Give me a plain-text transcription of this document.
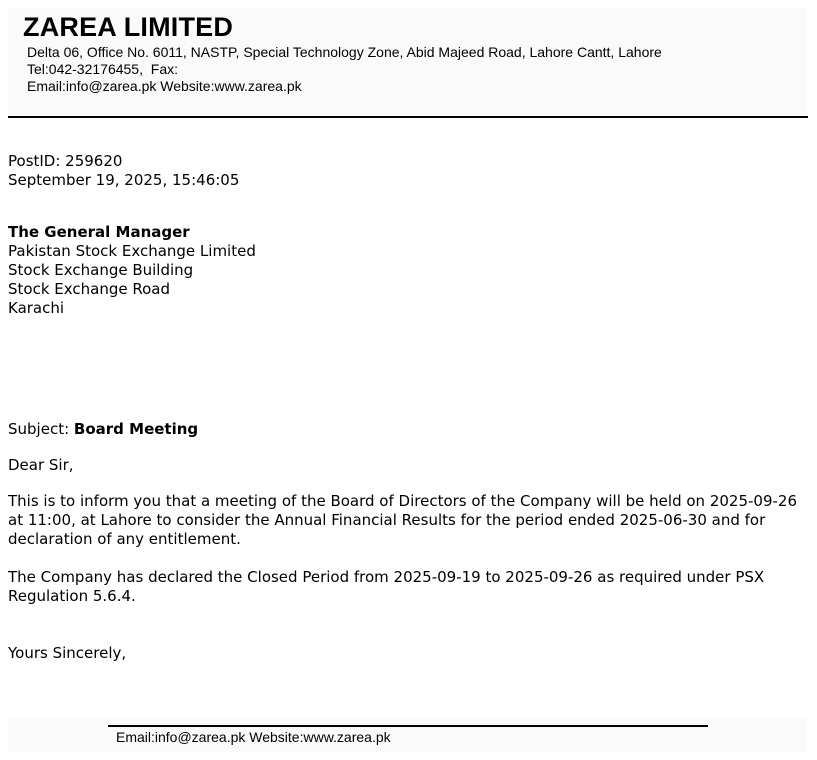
ZAREA LIMITED
Delta 06, Office No. 6011, NASTP, Special Technology Zone, Abid Majeed Road, Lahore Cantt, Lahore
Tel:042-32176455,  Fax:
Email:info@zarea.pk Website:www.zarea.pk
PostID: 259620
September 19, 2025, 15:46:05
The General Manager
Pakistan Stock Exchange Limited
Stock Exchange Building
Stock Exchange Road
Karachi
Subject: Board Meeting
Dear Sir,
This is to inform you that a meeting of the Board of Directors of the Company will be held on 2025-09-26 at 11:00, at Lahore to consider the Annual Financial Results for the period ended 2025-06-30 and for declaration of any entitlement.
The Company has declared the Closed Period from 2025-09-19 to 2025-09-26 as required under PSX Regulation 5.6.4.
Yours Sincerely,
Email:info@zarea.pk Website:www.zarea.pk
